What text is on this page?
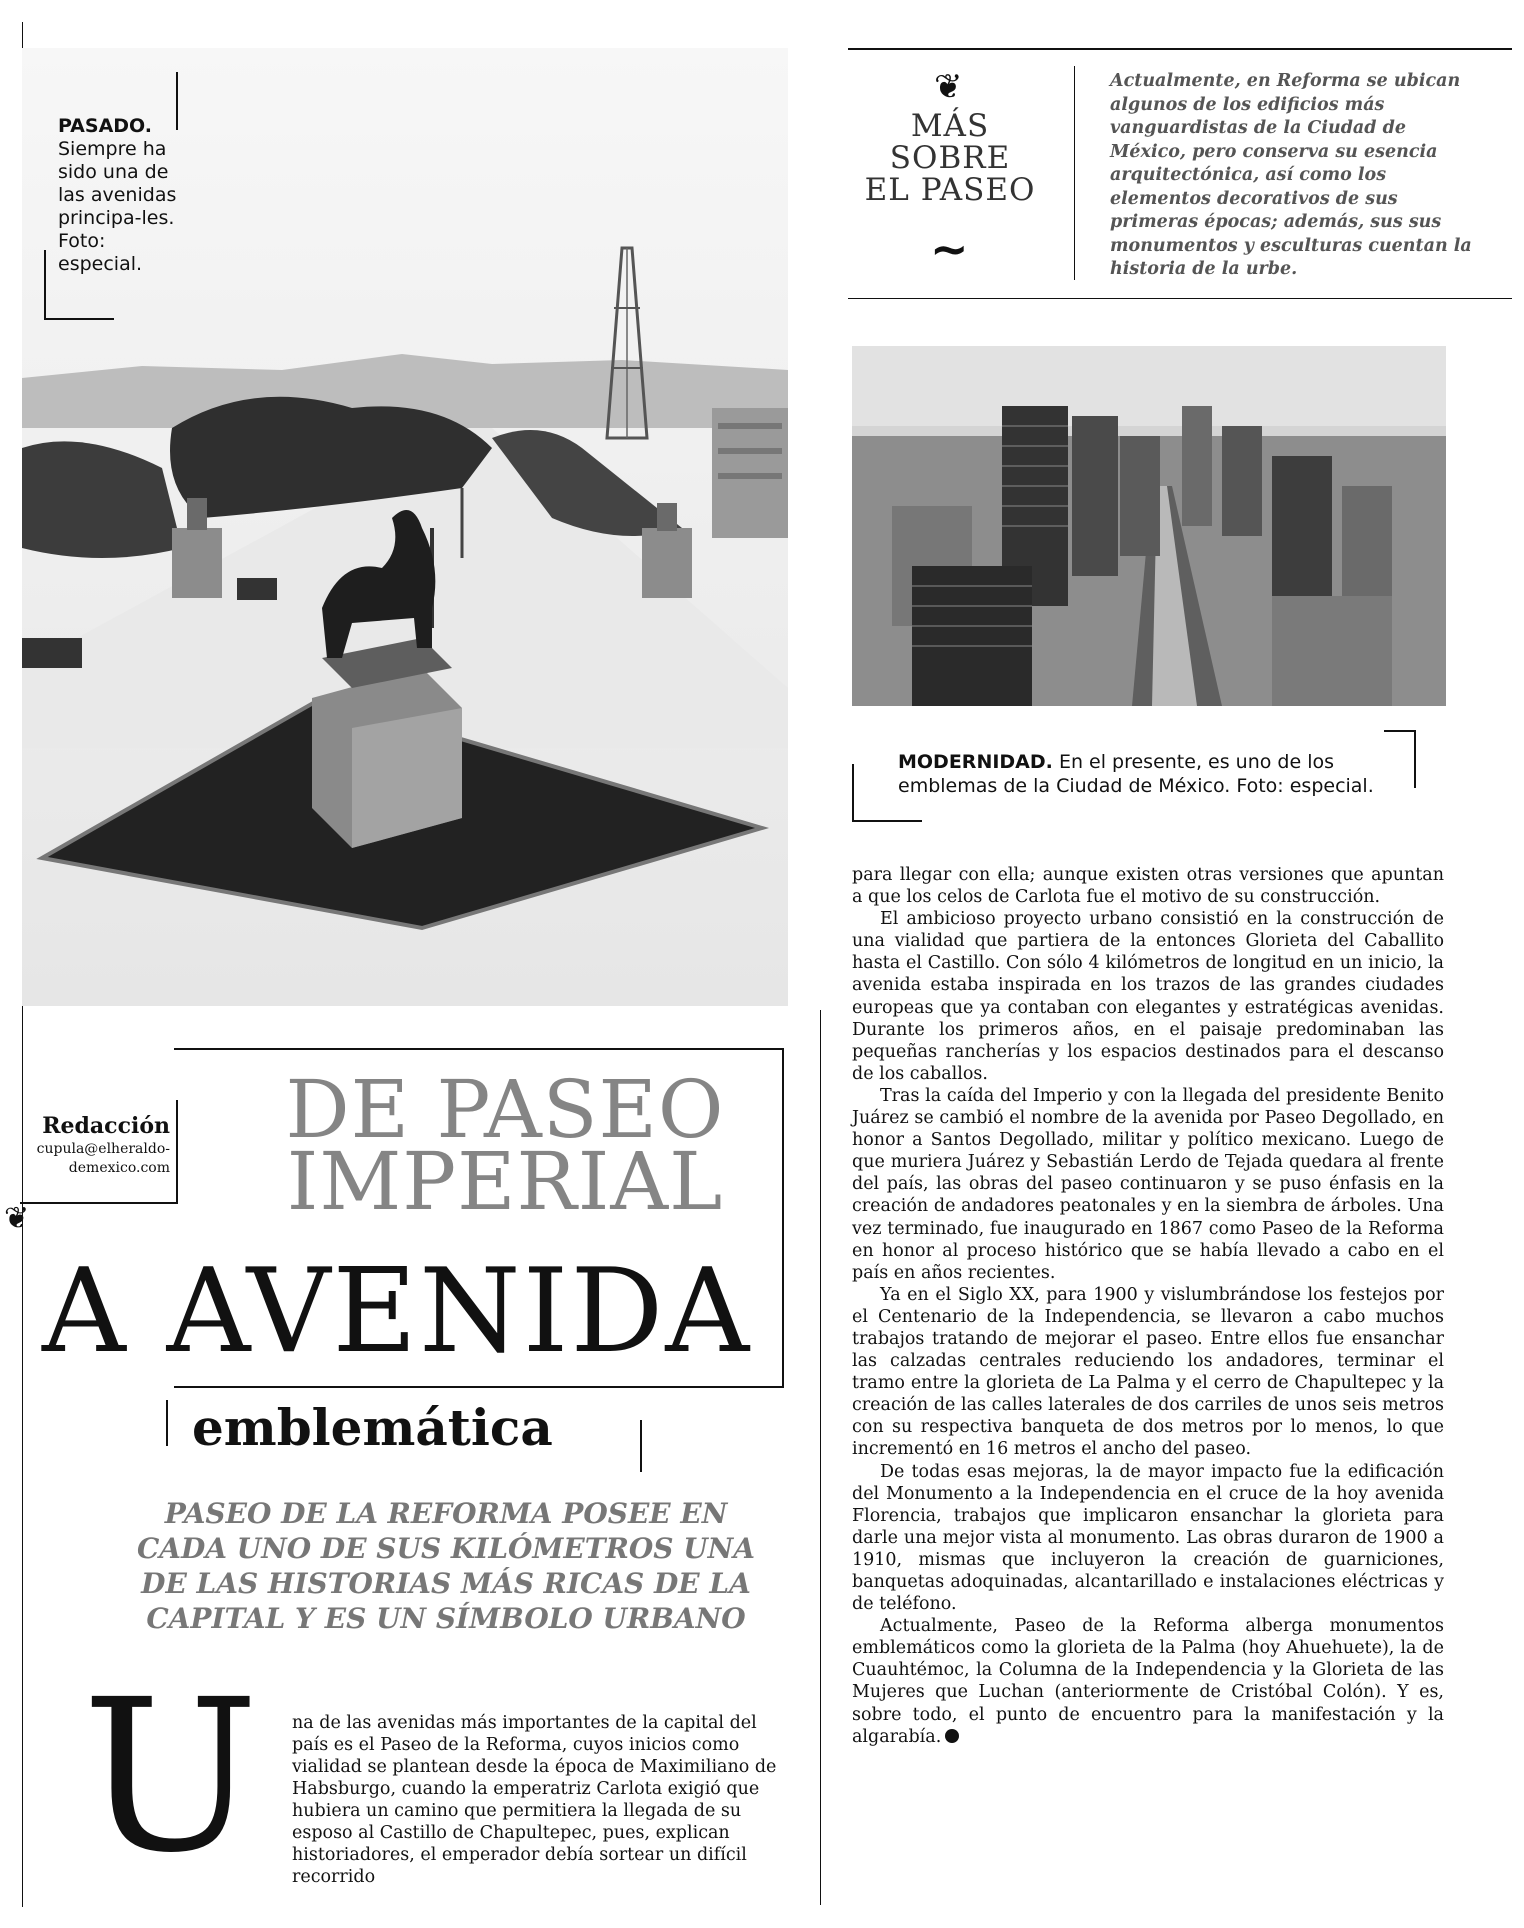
PASADO. Siempre ha sido una de las avenidas principa-les. Foto: especial.
❦
MÁS
SOBRE
EL PASEO
~
Actualmente, en Reforma se ubican algunos de los edificios más vanguardistas de la Ciudad de México, pero conserva su esencia arquitectónica, así como los elementos decorativos de sus primeras épocas; además, sus sus monumentos y esculturas cuentan la historia de la urbe.
MODERNIDAD. En el presente, es uno de los emblemas de la Ciudad de México. Foto: especial.
Redacción
cupula@elheraldo-
demexico.com
❦
DE PASEO
IMPERIAL
A AVENIDA
emblemática
PASEO DE LA REFORMA POSEE EN CADA UNO DE SUS KILÓMETROS UNA DE LAS HISTORIAS MÁS RICAS DE LA CAPITAL Y ES UN SÍMBOLO URBANO
U na de las avenidas más importantes de la capital del país es el Paseo de la Reforma, cuyos inicios como vialidad se plantean desde la época de Maximiliano de Habsburgo, cuando la emperatriz Carlota exigió que hubiera un camino que permitiera la llegada de su esposo al Castillo de Chapultepec, pues, explican historiadores, el emperador debía sortear un difícil recorrido

para llegar con ella; aunque existen otras versiones que apuntan a que los celos de Carlota fue el motivo de su construcción.

El ambicioso proyecto urbano consistió en la construcción de una vialidad que partiera de la entonces Glorieta del Caballito hasta el Castillo. Con sólo 4 kilómetros de longitud en un inicio, la avenida estaba inspirada en los trazos de las grandes ciudades europeas que ya contaban con elegantes y estratégicas avenidas. Durante los primeros años, en el paisaje predominaban las pequeñas rancherías y los espacios destinados para el descanso de los caballos.

Tras la caída del Imperio y con la llegada del presidente Benito Juárez se cambió el nombre de la avenida por Paseo Degollado, en honor a Santos Degollado, militar y político mexicano. Luego de que muriera Juárez y Sebastián Lerdo de Tejada quedara al frente del país, las obras del paseo continuaron y se puso énfasis en la creación de andadores peatonales y en la siembra de árboles. Una vez terminado, fue inaugurado en 1867 como Paseo de la Reforma en honor al proceso histórico que se había llevado a cabo en el país en años recientes.

Ya en el Siglo XX, para 1900 y vislumbrándose los festejos por el Centenario de la Independencia, se llevaron a cabo muchos trabajos tratando de mejorar el paseo. Entre ellos fue ensanchar las calzadas centrales reduciendo los andadores, terminar el tramo entre la glorieta de La Palma y el cerro de Chapultepec y la creación de las calles laterales de dos carriles de unos seis metros con su respectiva banqueta de dos metros por lo menos, lo que incrementó en 16 metros el ancho del paseo.

De todas esas mejoras, la de mayor impacto fue la edificación del Monumento a la Independencia en el cruce de la hoy avenida Florencia, trabajos que implicaron ensanchar la glorieta para darle una mejor vista al monumento. Las obras duraron de 1900 a 1910, mismas que incluyeron la creación de guarniciones, banquetas adoquinadas, alcantarillado e instalaciones eléctricas y de teléfono.

Actualmente, Paseo de la Reforma alberga monumentos emblemáticos como la glorieta de la Palma (hoy Ahuehuete), la de Cuauhtémoc, la Columna de la Independencia y la Glorieta de las Mujeres que Luchan (anteriormente de Cristóbal Colón). Y es, sobre todo, el punto de encuentro para la manifestación y la algarabía.
